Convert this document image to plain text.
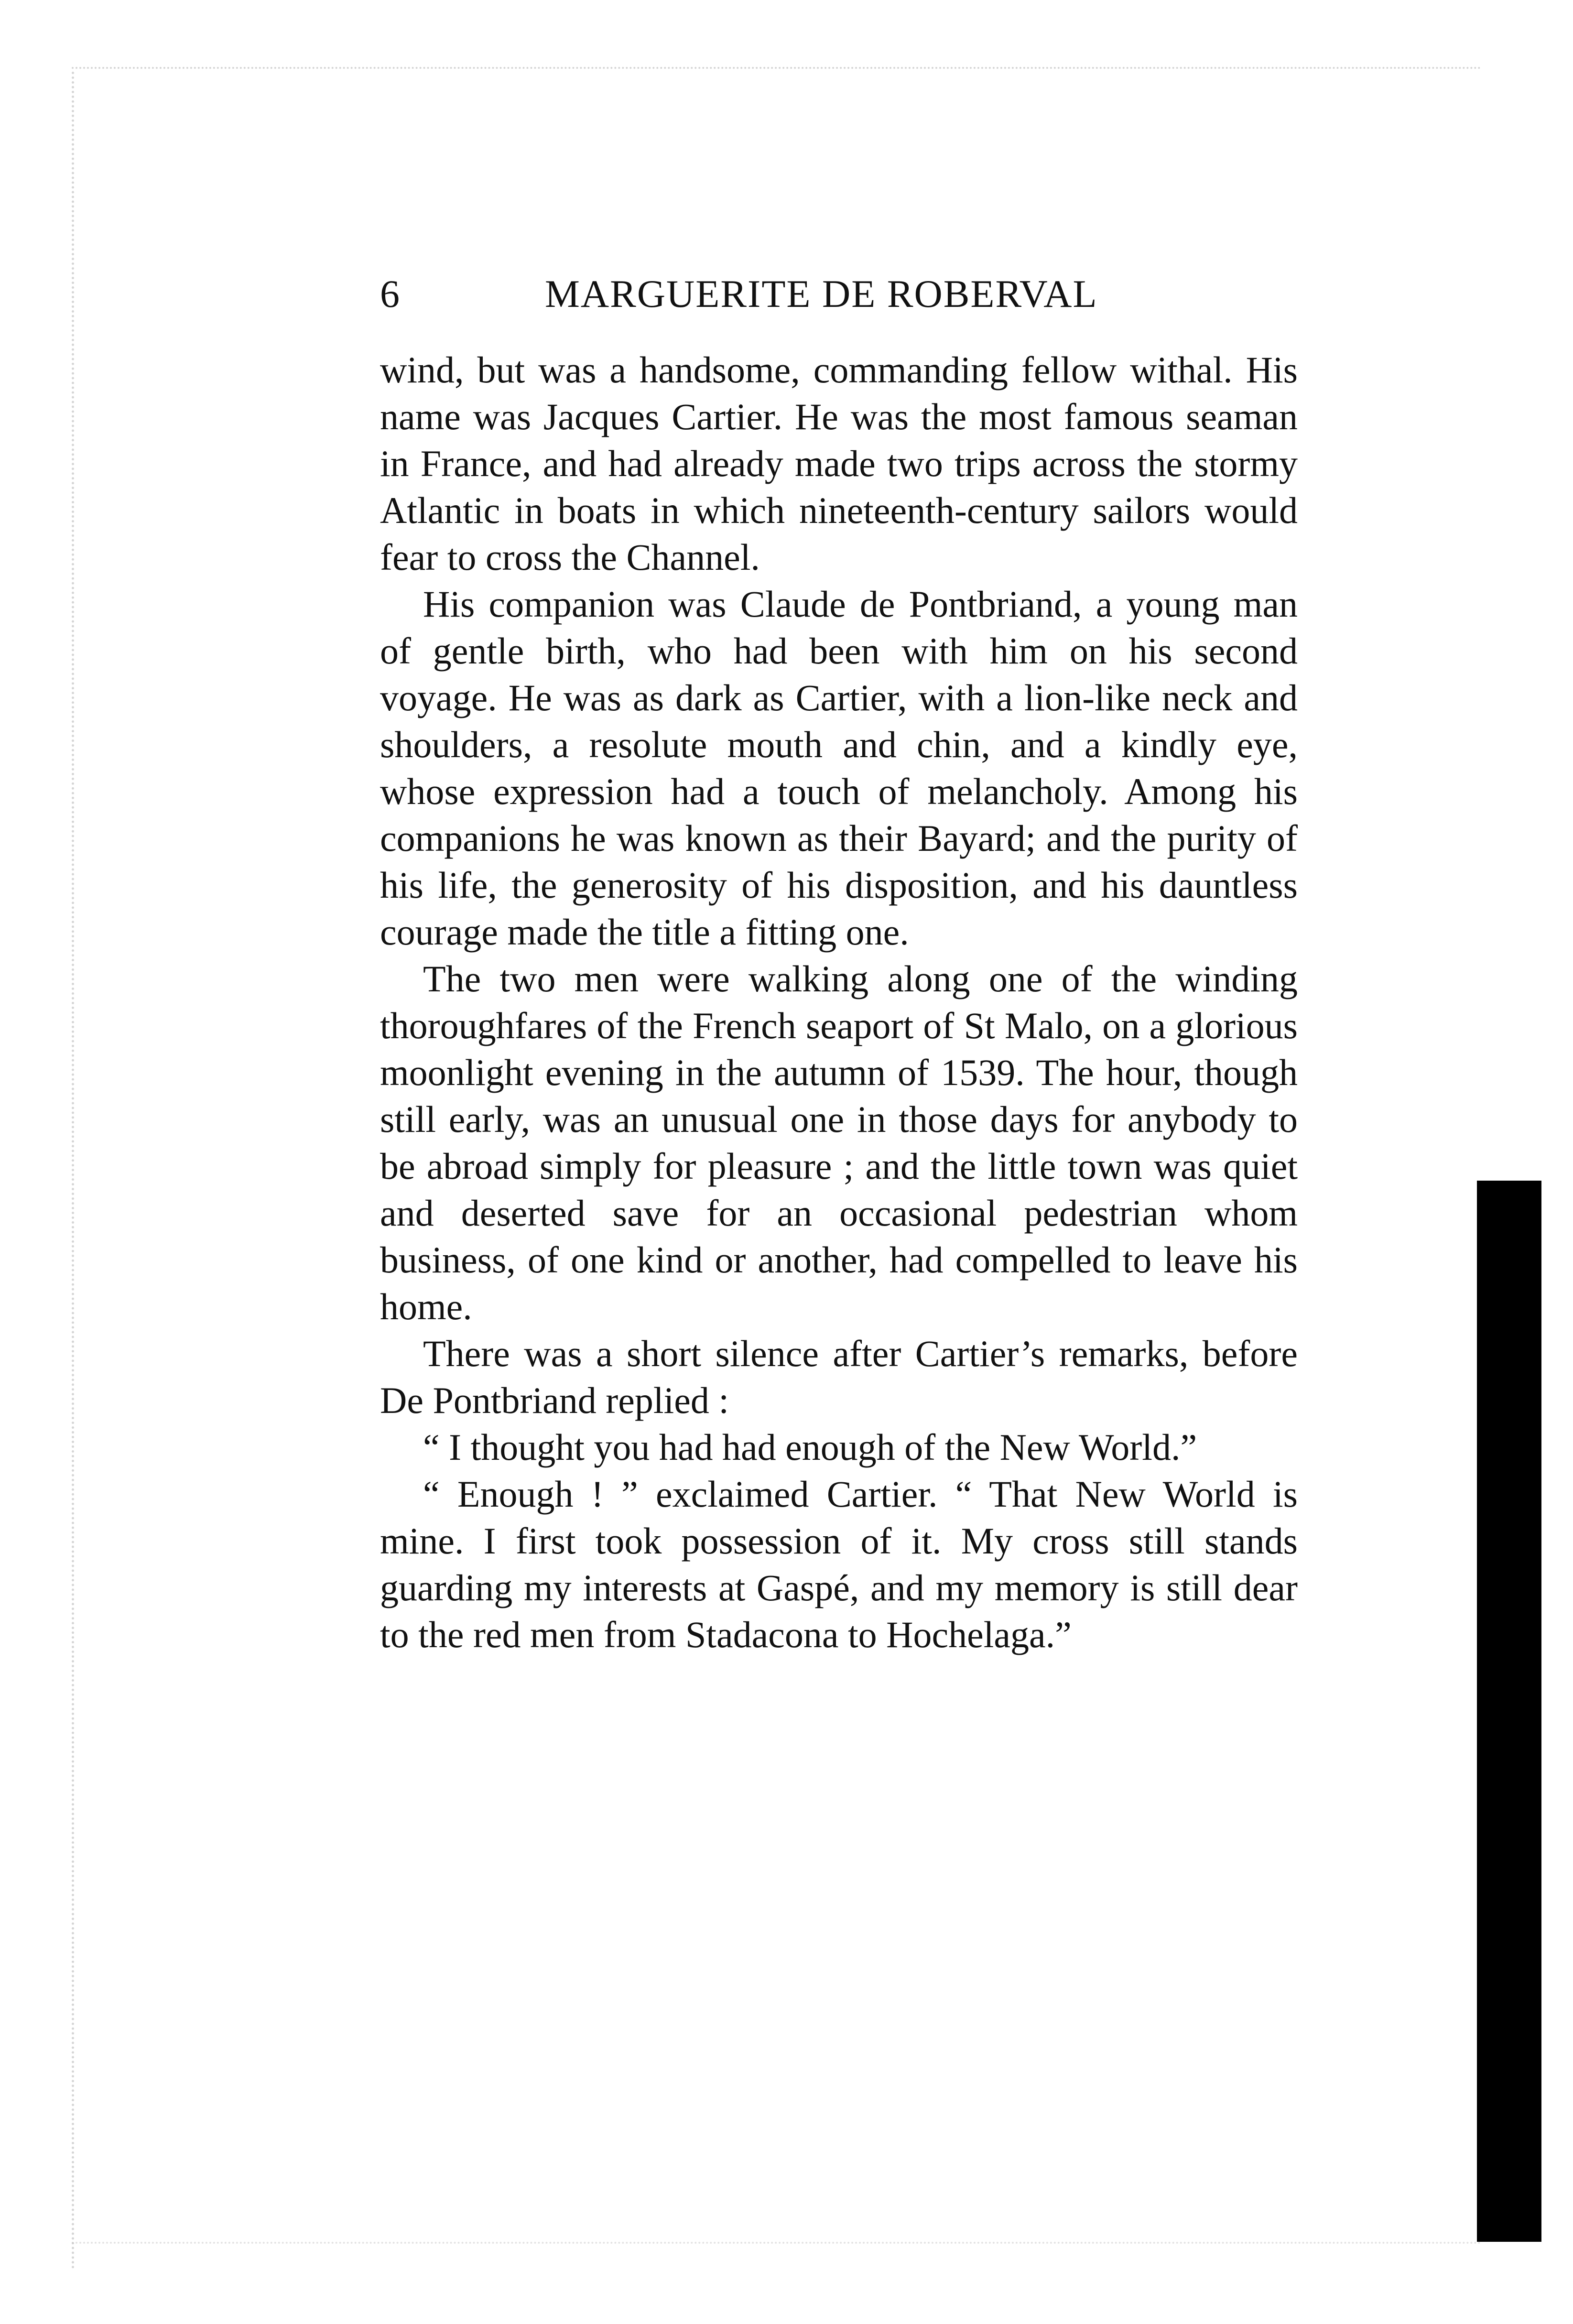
6	MARGUERITE DE ROBERVAL

wind, but was a handsome, commanding fellow withal. His name was Jacques Cartier. He was the most famous seaman in France, and had already made two trips across the stormy Atlantic in boats in which nineteenth-century sailors would fear to cross the Channel.

His companion was Claude de Pontbriand, a young man of gentle birth, who had been with him on his second voyage. He was as dark as Cartier, with a lion-like neck and shoulders, a resolute mouth and chin, and a kindly eye, whose expression had a touch of melancholy. Among his companions he was known as their Bayard; and the purity of his life, the generosity of his disposition, and his dauntless courage made the title a fitting one.

The two men were walking along one of the winding thoroughfares of the French seaport of St Malo, on a glorious moonlight evening in the autumn of 1539. The hour, though still early, was an unusual one in those days for anybody to be abroad simply for pleasure ; and the little town was quiet and deserted save for an occasional pedestrian whom business, of one kind or another, had compelled to leave his home.

There was a short silence after Cartier’s remarks, before De Pontbriand replied :

“ I thought you had had enough of the New World.”

“ Enough ! ” exclaimed Cartier. “ That New World is mine. I first took possession of it. My cross still stands guarding my interests at Gaspé, and my memory is still dear to the red men from Stadacona to Hochelaga.”
